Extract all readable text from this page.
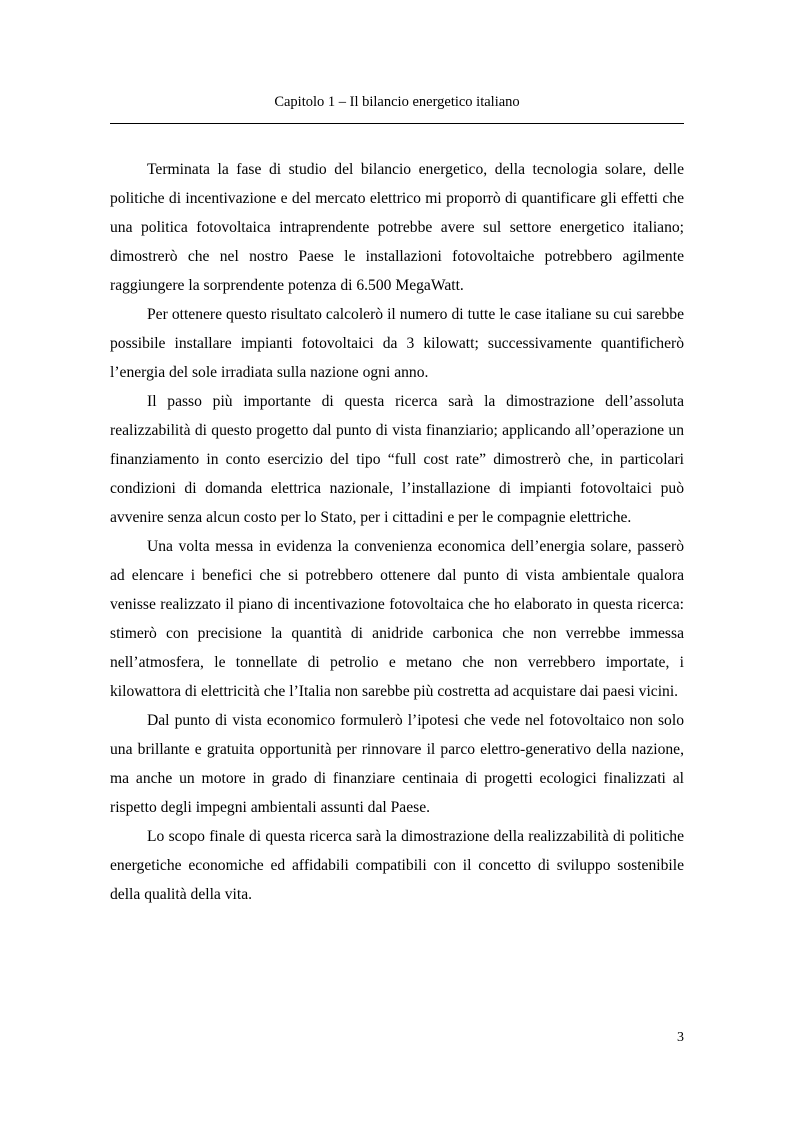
Capitolo 1 – Il bilancio energetico italiano

Terminata la fase di studio del bilancio energetico, della tecnologia solare, delle politiche di incentivazione e del mercato elettrico mi proporrò di quantificare gli effetti che una politica fotovoltaica intraprendente potrebbe avere sul settore energetico italiano; dimostrerò che nel nostro Paese le installazioni fotovoltaiche potrebbero agilmente raggiungere la sorprendente potenza di 6.500 MegaWatt.

Per ottenere questo risultato calcolerò il numero di tutte le case italiane su cui sarebbe possibile installare impianti fotovoltaici da 3 kilowatt; successivamente quantificherò l’energia del sole irradiata sulla nazione ogni anno.

Il passo più importante di questa ricerca sarà la dimostrazione dell’assoluta realizzabilità di questo progetto dal punto di vista finanziario; applicando all’operazione un finanziamento in conto esercizio del tipo “full cost rate” dimostrerò che, in particolari condizioni di domanda elettrica nazionale, l’installazione di impianti fotovoltaici può avvenire senza alcun costo per lo Stato, per i cittadini e per le compagnie elettriche.

Una volta messa in evidenza la convenienza economica dell’energia solare, passerò ad elencare i benefici che si potrebbero ottenere dal punto di vista ambientale qualora venisse realizzato il piano di incentivazione fotovoltaica che ho elaborato in questa ricerca: stimerò con precisione la quantità di anidride carbonica che non verrebbe immessa nell’atmosfera, le tonnellate di petrolio e metano che non verrebbero importate, i kilowattora di elettricità che l’Italia non sarebbe più costretta ad acquistare dai paesi vicini.

Dal punto di vista economico formulerò l’ipotesi che vede nel fotovoltaico non solo una brillante e gratuita opportunità per rinnovare il parco elettro-generativo della nazione, ma anche un motore in grado di finanziare centinaia di progetti ecologici finalizzati al rispetto degli impegni ambientali assunti dal Paese.

Lo scopo finale di questa ricerca sarà la dimostrazione della realizzabilità di politiche energetiche economiche ed affidabili compatibili con il concetto di sviluppo sostenibile della qualità della vita.

3
